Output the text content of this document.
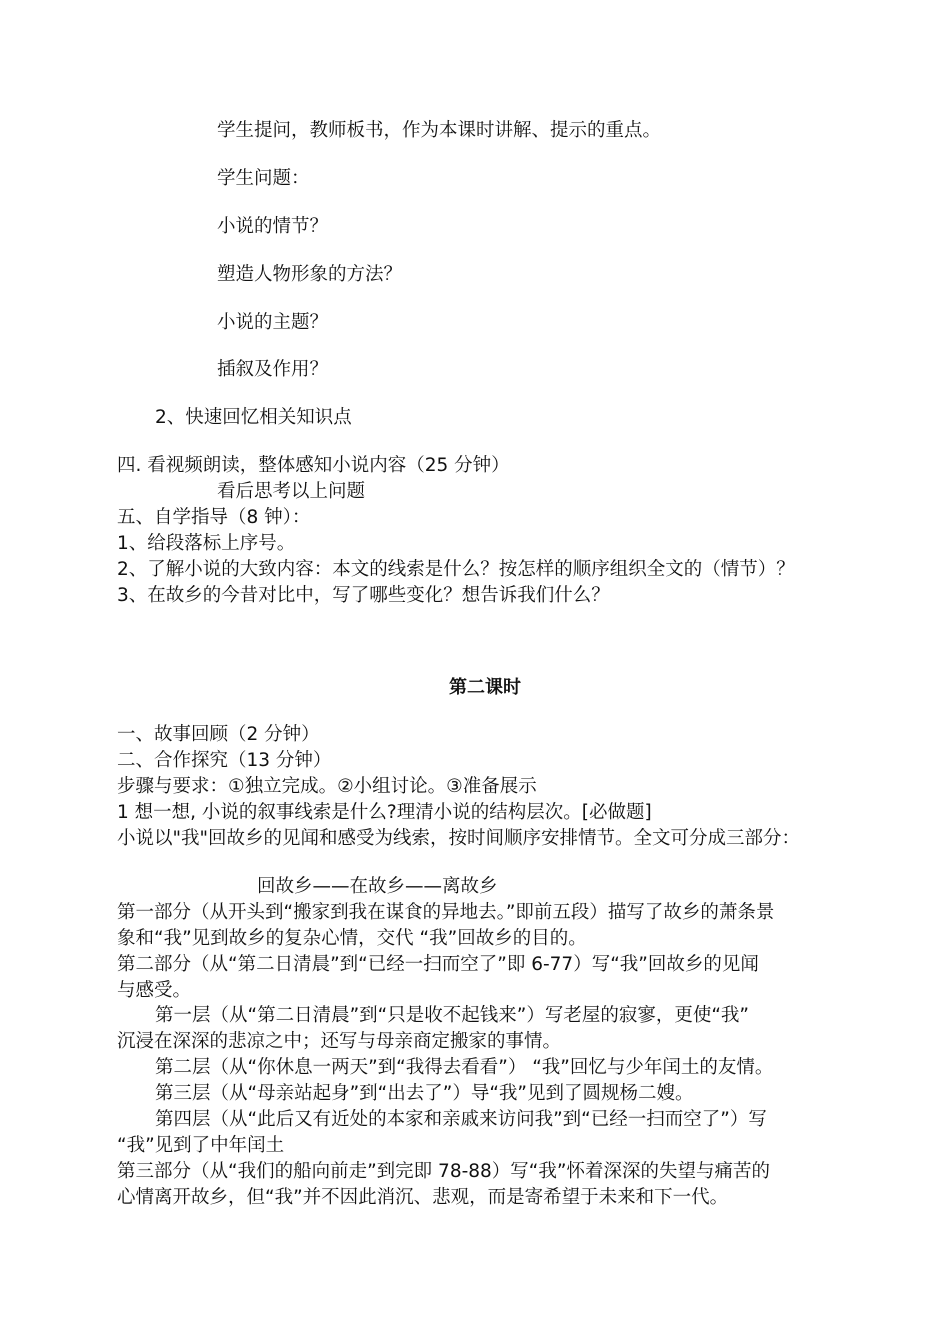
学生提问，教师板书，作为本课时讲解、提示的重点。
学生问题：
小说的情节？
塑造人物形象的方法？
小说的主题？
插叙及作用？
2、快速回忆相关知识点
四. 看视频朗读，整体感知小说内容（25 分钟）
看后思考以上问题
五、自学指导（8 钟）：
1、给段落标上序号。
2、了解小说的大致内容：本文的线索是什么？按怎样的顺序组织全文的（情节）？
3、在故乡的今昔对比中，写了哪些变化？想告诉我们什么？
第二课时
一、故事回顾（2 分钟）
二、合作探究（13 分钟）
步骤与要求：①独立完成。②小组讨论。③准备展示
1 想一想, 小说的叙事线索是什么?理清小说的结构层次。[必做题]
小说以"我"回故乡的见闻和感受为线索，按时间顺序安排情节。全文可分成三部分：
回故乡——在故乡——离故乡
第一部分（从开头到“搬家到我在谋食的异地去。”即前五段）描写了故乡的萧条景
象和“我”见到故乡的复杂心情，交代 “我”回故乡的目的。
第二部分（从“第二日清晨”到“已经一扫而空了”即 6-77）写“我”回故乡的见闻
与感受。
第一层（从“第二日清晨”到“只是收不起钱来”）写老屋的寂寥，更使“我”
沉浸在深深的悲凉之中；还写与母亲商定搬家的事情。
第二层（从“你休息一两天”到“我得去看看”） “我”回忆与少年闰土的友情。
第三层（从“母亲站起身”到“出去了”）导“我”见到了圆规杨二嫂。
第四层（从“此后又有近处的本家和亲戚来访问我”到“已经一扫而空了”）写
“我”见到了中年闰土
第三部分（从“我们的船向前走”到完即 78-88）写“我”怀着深深的失望与痛苦的
心情离开故乡，但“我”并不因此消沉、悲观，而是寄希望于未来和下一代。
